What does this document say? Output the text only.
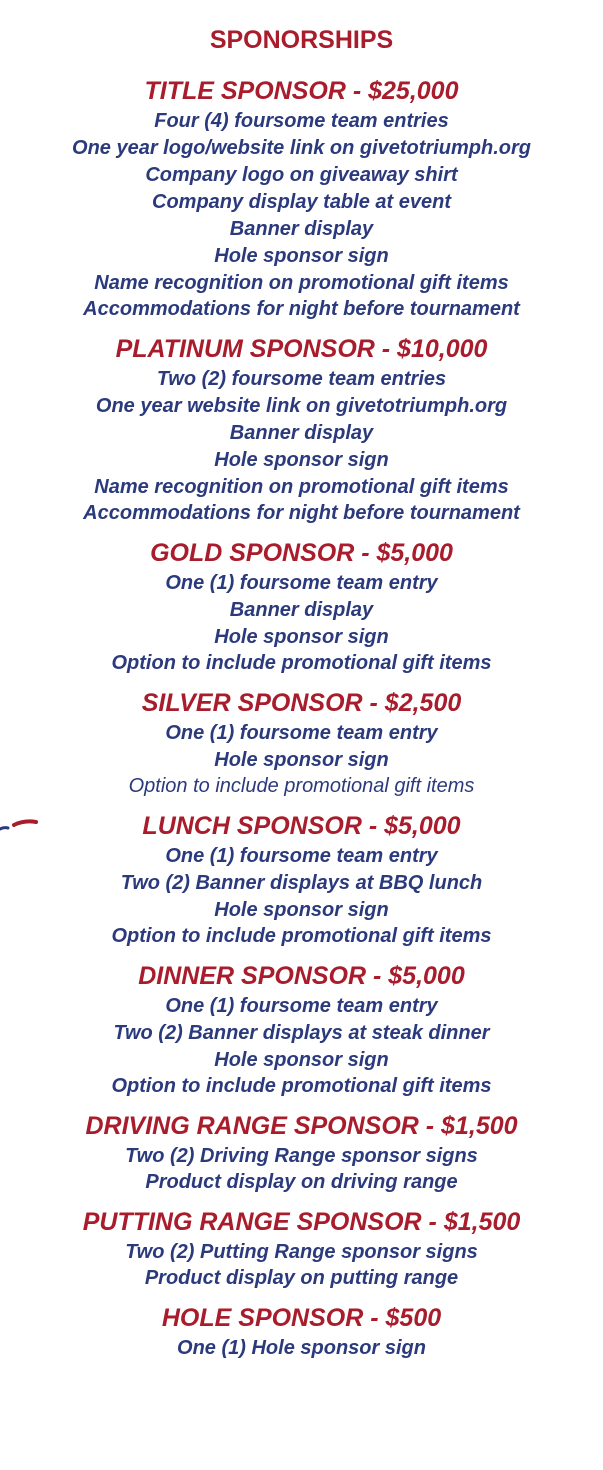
SPONORSHIPS
TITLE SPONSOR - $25,000
Four (4) foursome team entries
One year logo/website link on givetotriumph.org
Company logo on giveaway shirt
Company display table at event
Banner display
Hole sponsor sign
Name recognition on promotional gift items
Accommodations for night before tournament
PLATINUM SPONSOR - $10,000
Two (2) foursome team entries
One year website link on givetotriumph.org
Banner display
Hole sponsor sign
Name recognition on promotional gift items
Accommodations for night before tournament
GOLD SPONSOR - $5,000
One (1) foursome team entry
Banner display
Hole sponsor sign
Option to include promotional gift items
SILVER SPONSOR - $2,500
One (1) foursome team entry
Hole sponsor sign
Option to include promotional gift items
LUNCH SPONSOR - $5,000
One (1) foursome team entry
Two (2) Banner displays at BBQ lunch
Hole sponsor sign
Option to include promotional gift items
DINNER SPONSOR - $5,000
One (1) foursome team entry
Two (2) Banner displays at steak dinner
Hole sponsor sign
Option to include promotional gift items
DRIVING RANGE SPONSOR - $1,500
Two (2) Driving Range sponsor signs
Product display on driving range
PUTTING RANGE SPONSOR - $1,500
Two (2) Putting Range sponsor signs
Product display on putting range
HOLE SPONSOR - $500
One (1) Hole sponsor sign
